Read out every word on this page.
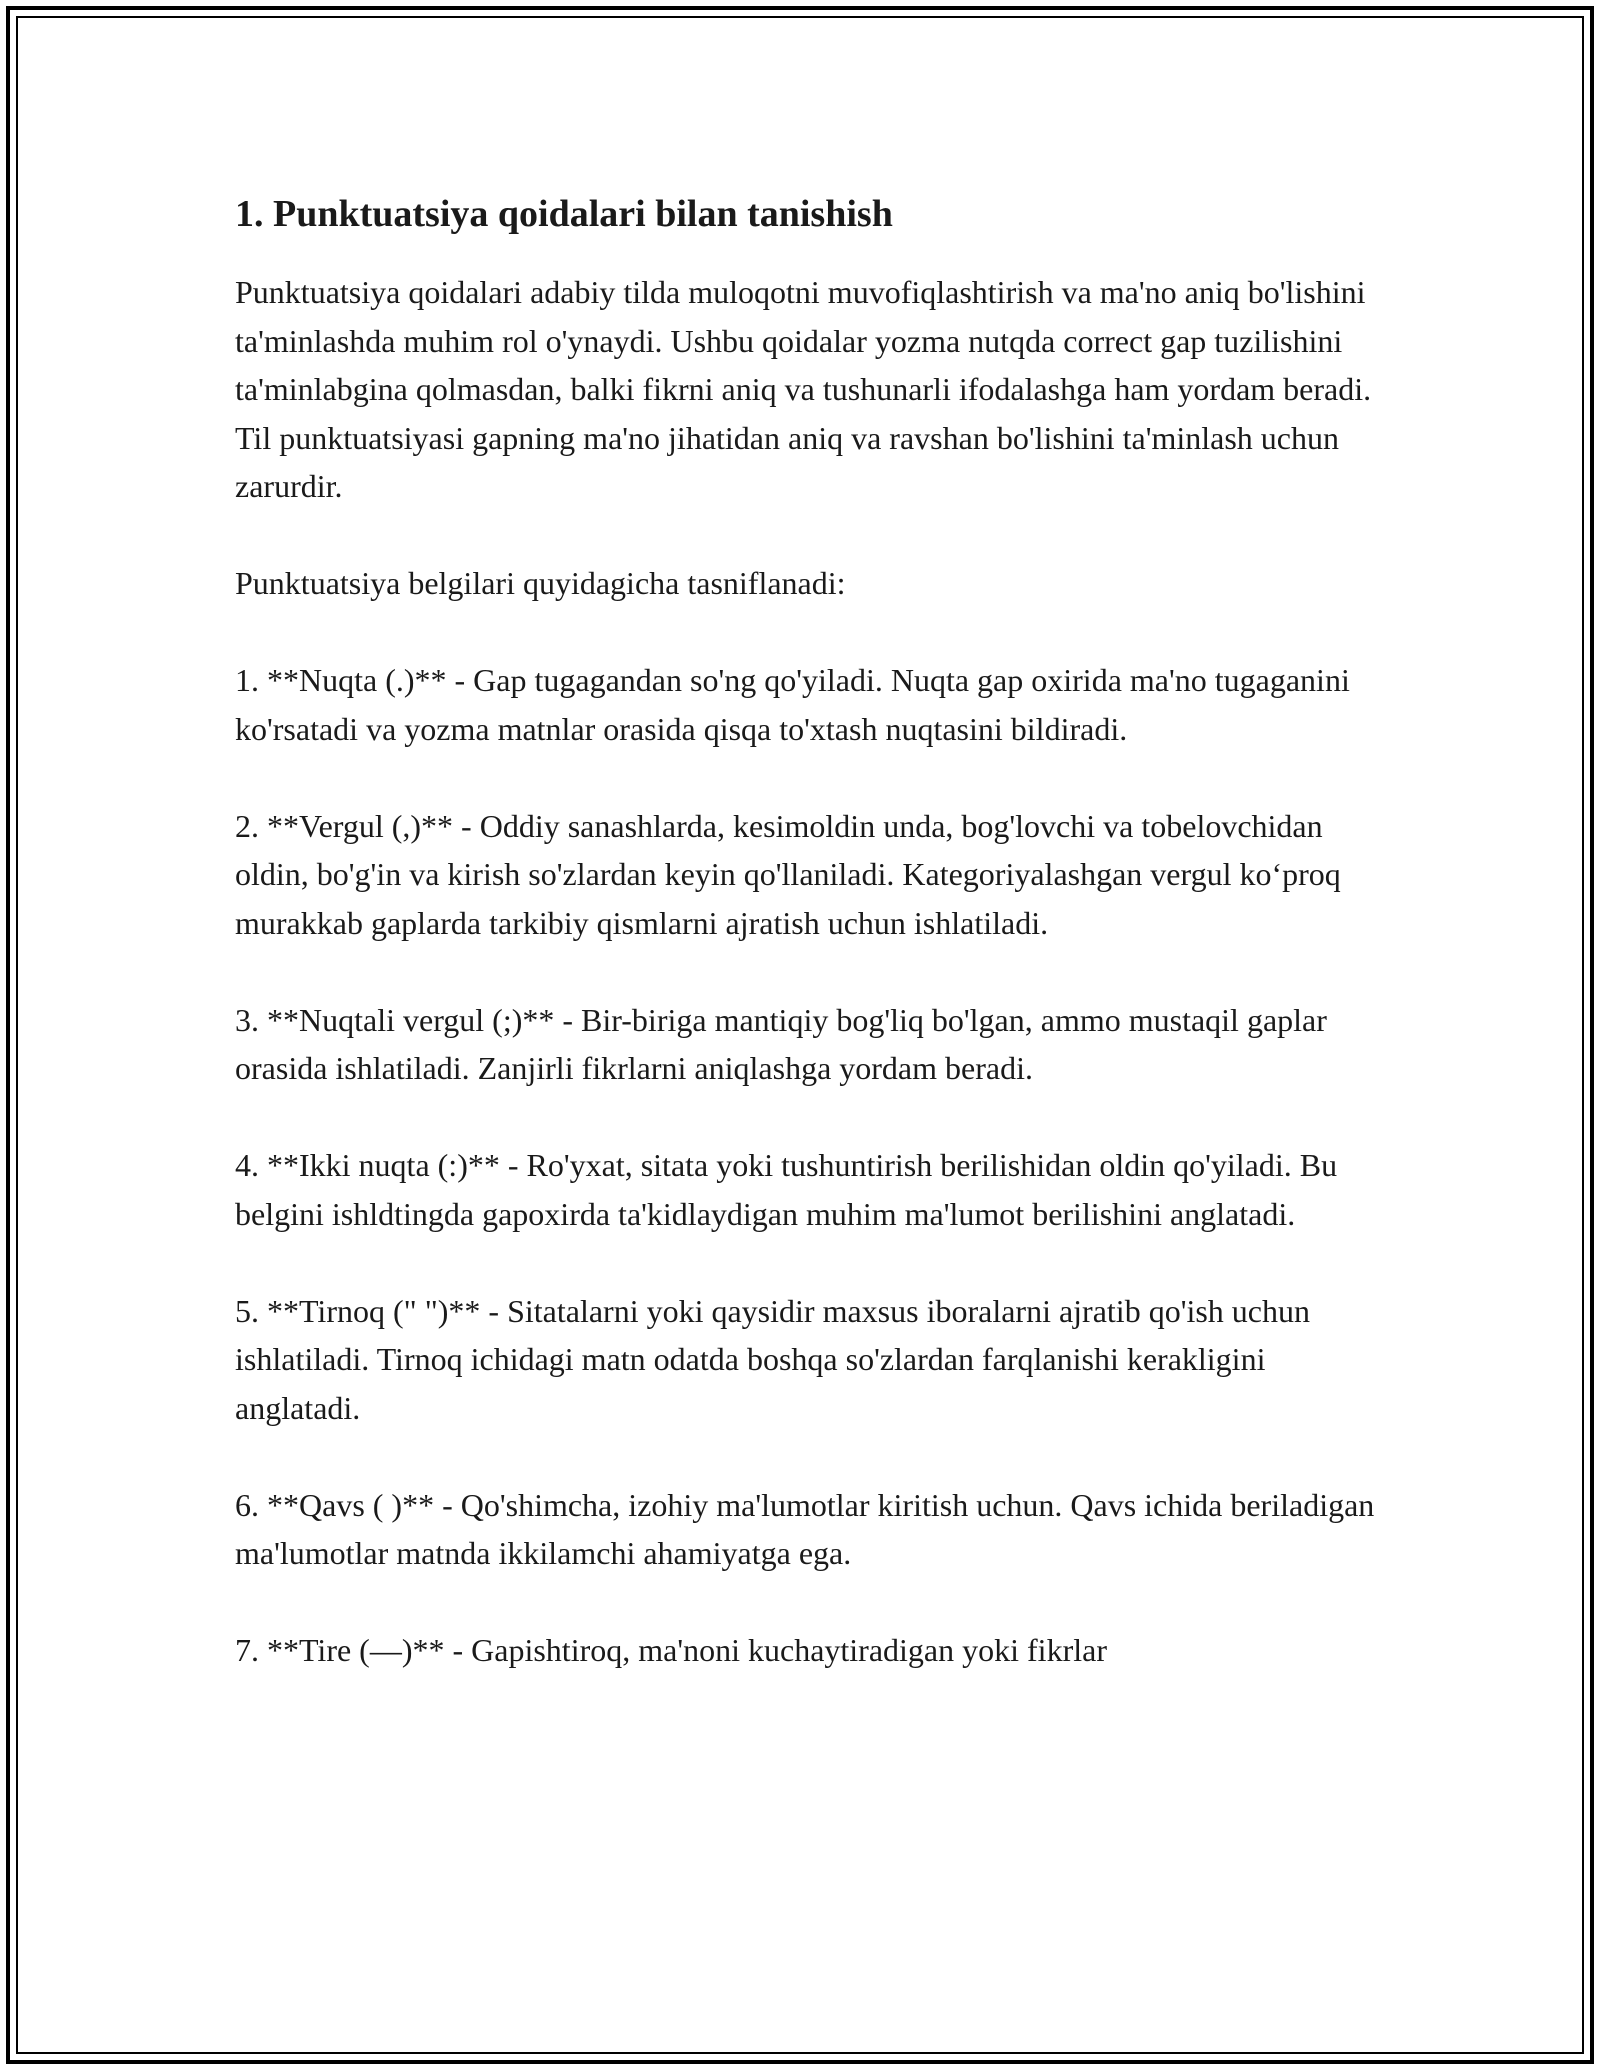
1. Punktuatsiya qoidalari bilan tanishish

Punktuatsiya qoidalari adabiy tilda muloqotni muvofiqlashtirish va ma'no aniq bo'lishini ta'minlashda muhim rol o'ynaydi. Ushbu qoidalar yozma nutqda correct gap tuzilishini ta'minlabgina qolmasdan, balki fikrni aniq va tushunarli ifodalashga ham yordam beradi. Til punktuatsiyasi gapning ma'no jihatidan aniq va ravshan bo'lishini ta'minlash uchun zarurdir.

Punktuatsiya belgilari quyidagicha tasniflanadi:

1. **Nuqta (.)** - Gap tugagandan so'ng qo'yiladi. Nuqta gap oxirida ma'no tugaganini ko'rsatadi va yozma matnlar orasida qisqa to'xtash nuqtasini bildiradi.

2. **Vergul (,)** - Oddiy sanashlarda, kesimoldin unda, bog'lovchi va tobelovchidan oldin, bo'g'in va kirish so'zlardan keyin qo'llaniladi. Kategoriyalashgan vergul ko‘proq murakkab gaplarda tarkibiy qismlarni ajratish uchun ishlatiladi.

3. **Nuqtali vergul (;)** - Bir-biriga mantiqiy bog'liq bo'lgan, ammo mustaqil gaplar orasida ishlatiladi. Zanjirli fikrlarni aniqlashga yordam beradi.

4. **Ikki nuqta (:)** - Ro'yxat, sitata yoki tushuntirish berilishidan oldin qo'yiladi. Bu belgini ishldtingda gapoxirda ta'kidlaydigan muhim ma'lumot berilishini anglatadi.

5. **Tirnoq (" ")** - Sitatalarni yoki qaysidir maxsus iboralarni ajratib qo'ish uchun ishlatiladi. Tirnoq ichidagi matn odatda boshqa so'zlardan farqlanishi kerakligini anglatadi.

6. **Qavs ( )** - Qo'shimcha, izohiy ma'lumotlar kiritish uchun. Qavs ichida beriladigan ma'lumotlar matnda ikkilamchi ahamiyatga ega.

7. **Tire (—)** - Gapishtiroq, ma'noni kuchaytiradigan yoki fikrlar
